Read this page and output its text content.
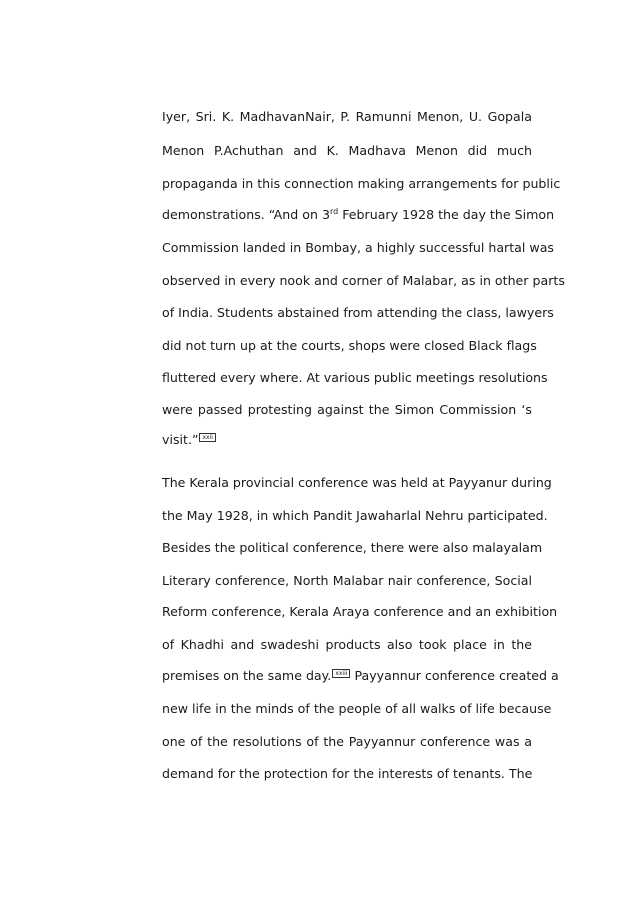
Iyer, Sri. K. MadhavanNair, P. Ramunni Menon, U. Gopala
Menon P.Achuthan and K. Madhava Menon did much
propaganda in this connection making arrangements for public
demonstrations. “And on 3rd February 1928 the day the Simon
Commission landed in Bombay, a highly successful hartal was
observed in every nook and corner of Malabar, as in other parts
of India. Students abstained from attending the class, lawyers
did not turn up at the courts, shops were closed Black flags
fluttered every where. At various public meetings resolutions
were passed protesting against the Simon Commission ‘s
visit.” xxii
The Kerala provincial conference was held at Payyanur during
the May 1928, in which Pandit Jawaharlal Nehru participated.
Besides the political conference, there were also malayalam
Literary conference, North Malabar nair conference, Social
Reform conference, Kerala Araya conference and an exhibition
of Khadhi and swadeshi products also took place in the
premises on the same day. xxiii Payyannur conference created a
new life in the minds of the people of all walks of life because
one of the resolutions of the Payyannur conference was a
demand for the protection for the interests of tenants. The
